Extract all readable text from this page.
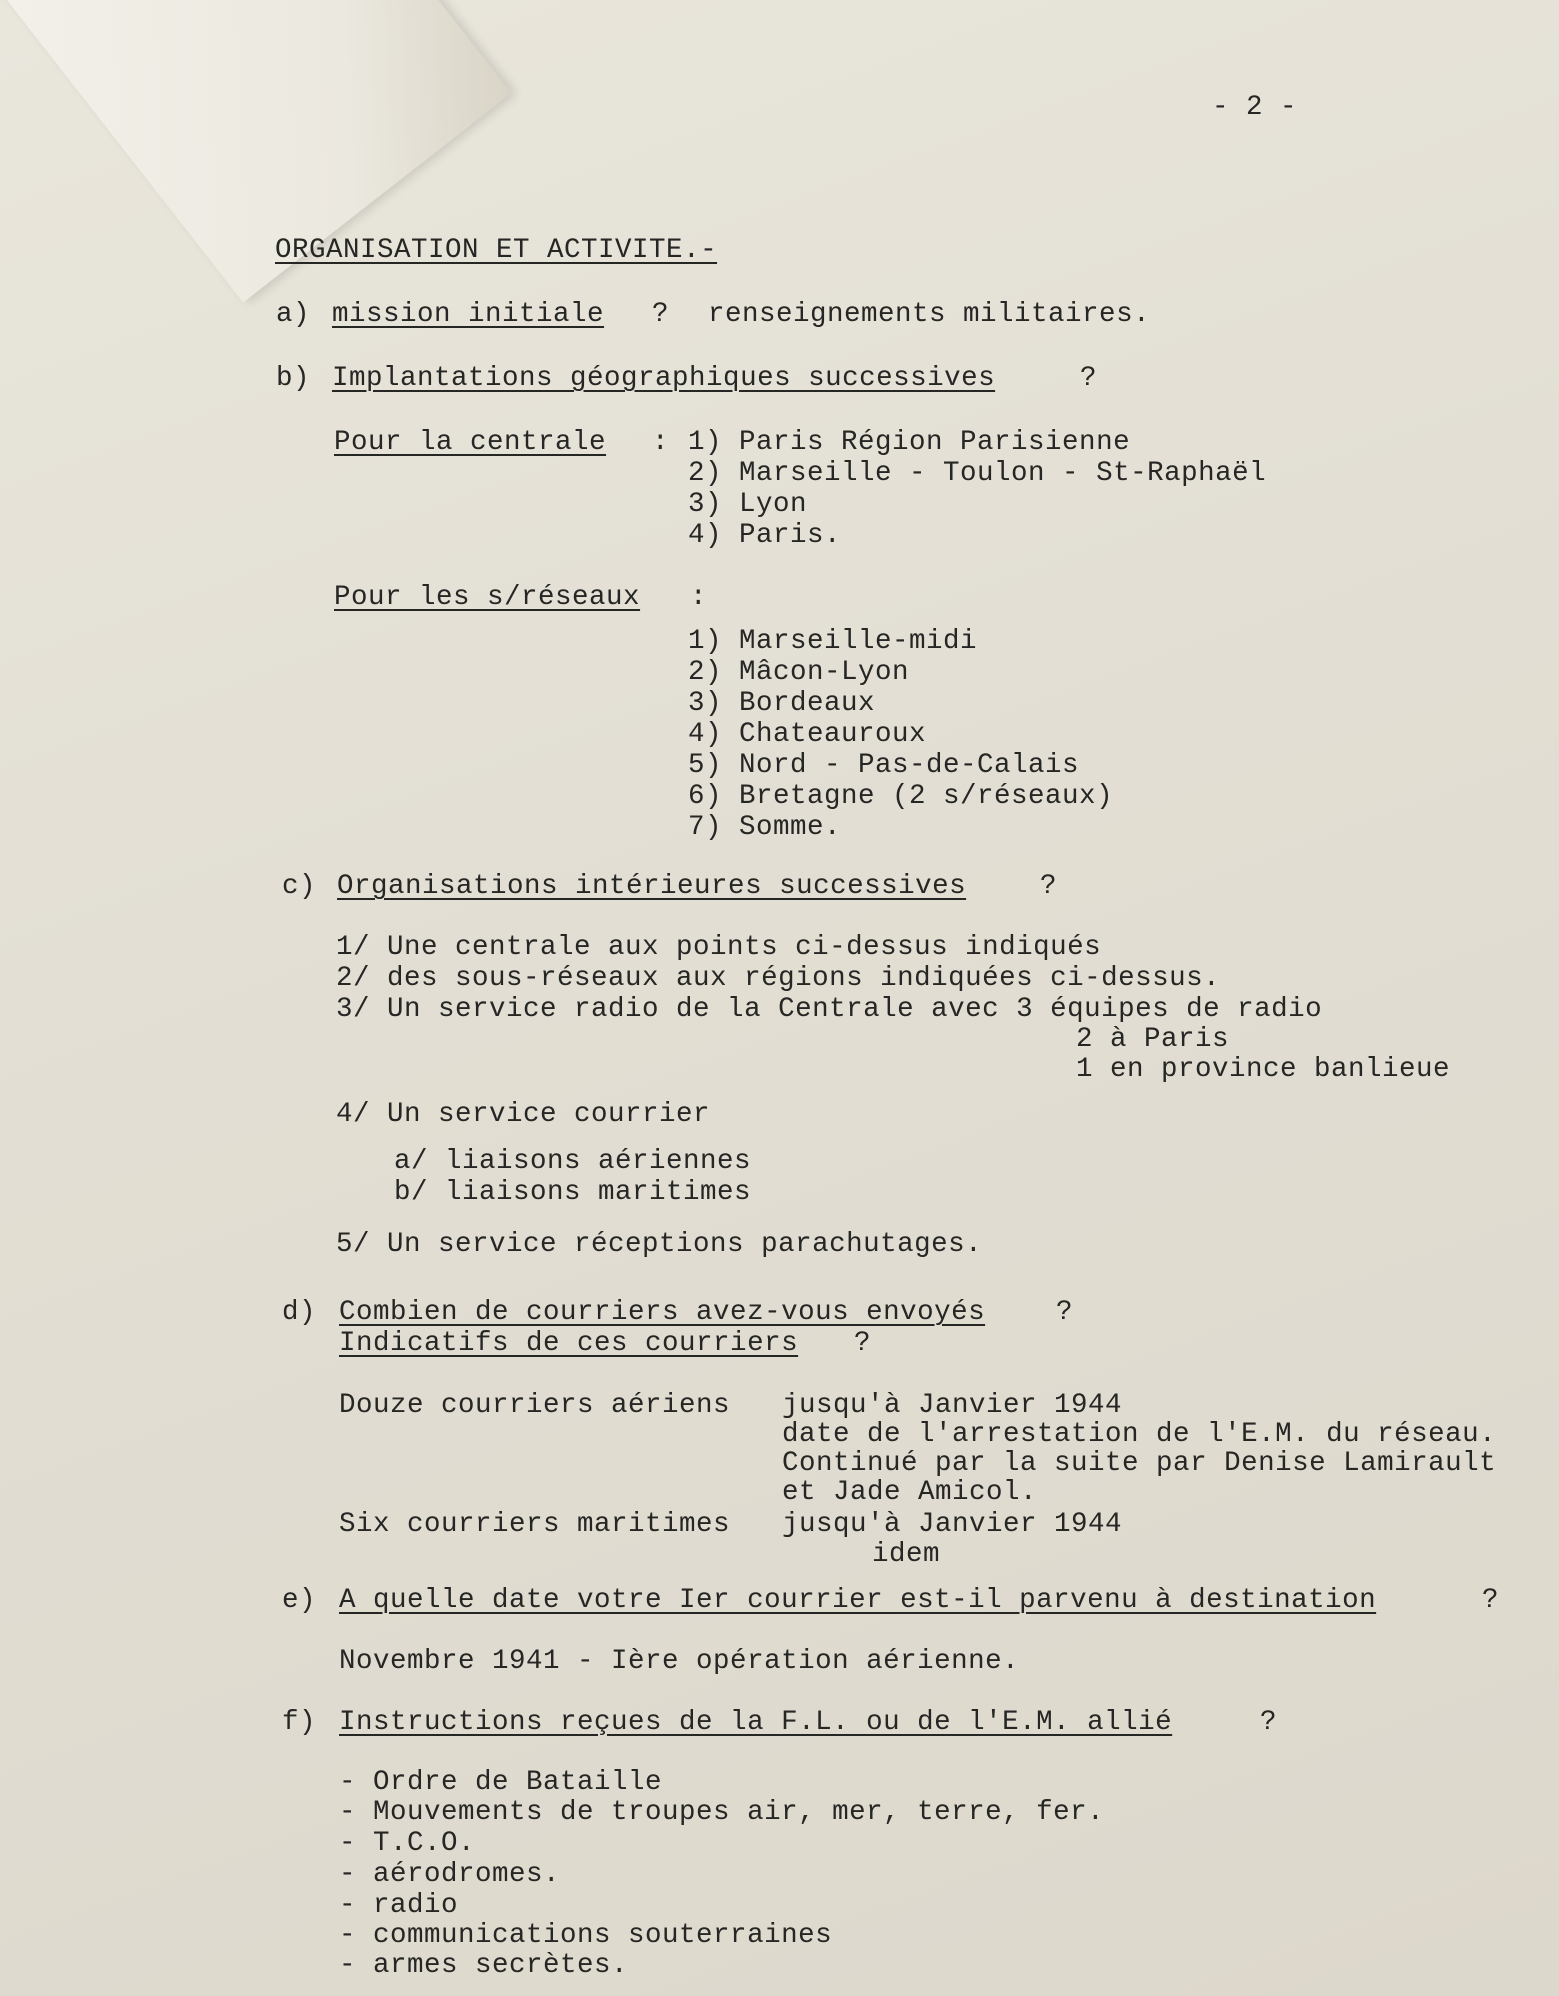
- 2 -
ORGANISATION ET ACTIVITE.-
a) mission initiale ? renseignements militaires.
b) Implantations géographiques successives	?
Pour la centrale : 1) Paris Région Parisienne
2) Marseille - Toulon - St-Raphaël
3) Lyon
4) Paris.
Pour les s/réseaux :
1) Marseille-midi
2) Mâcon-Lyon
3) Bordeaux
4) Chateauroux
5) Nord - Pas-de-Calais
6) Bretagne (2 s/réseaux)
7) Somme.
c) Organisations intérieures successives	?
1/ Une centrale aux points ci-dessus indiqués
2/ des sous-réseaux aux régions indiquées ci-dessus.
3/ Un service radio de la Centrale avec 3 équipes de radio
2 à Paris
1 en province banlieue
4/ Un service courrier
a/ liaisons aériennes
b/ liaisons maritimes
5/ Un service réceptions parachutages.
d) Combien de courriers avez-vous envoyés	?
Indicatifs de ces courriers ?
Douze courriers aériens jusqu'à Janvier 1944
date de l'arrestation de l'E.M. du réseau.
Continué par la suite par Denise Lamirault
et Jade Amicol.
Six courriers maritimes jusqu'à Janvier 1944
idem
e) A quelle date votre Ier courrier est-il parvenu à destination	?
Novembre 1941 - Ière opération aérienne.
f) Instructions reçues de la F.L. ou de l'E.M. allié	?
- Ordre de Bataille
- Mouvements de troupes air, mer, terre, fer.
- T.C.O.
- aérodromes.
- radio
- communications souterraines
- armes secrètes.
